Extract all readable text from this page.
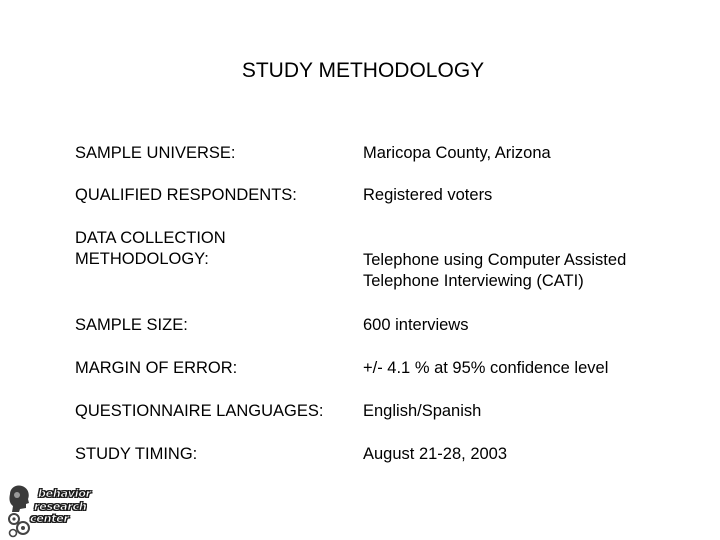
STUDY METHODOLOGY
SAMPLE UNIVERSE:	Maricopa County, Arizona
QUALIFIED RESPONDENTS:	Registered voters
DATA COLLECTION
METHODOLOGY:	Telephone using Computer Assisted
Telephone Interviewing (CATI)
SAMPLE SIZE:	600 interviews
MARGIN OF ERROR:	+/- 4.1 % at 95% confidence level
QUESTIONNAIRE LANGUAGES:	English/Spanish
STUDY TIMING:	August 21-28, 2003
behavior
research
center
